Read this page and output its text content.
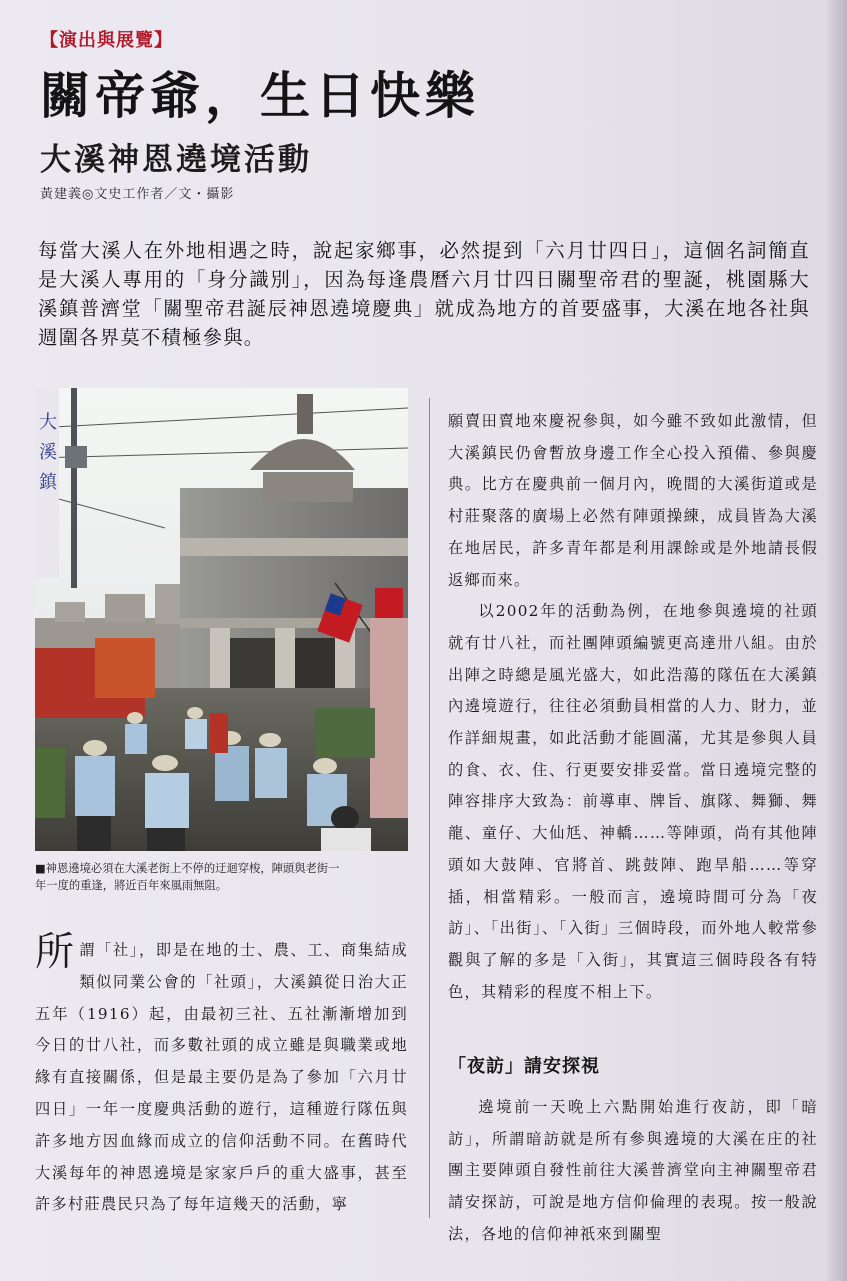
【演出與展覽】
關帝爺，生日快樂
大溪神恩遶境活動
黃建義◎文史工作者／文・攝影

每當大溪人在外地相遇之時，說起家鄉事，必然提到「六月廿四日」，這個名詞簡直是大溪人專用的「身分識別」，因為每逢農曆六月廿四日關聖帝君的聖誕，桃園縣大溪鎮普濟堂「關聖帝君誕辰神恩遶境慶典」就成為地方的首要盛事，大溪在地各社與週圍各界莫不積極參與。

大
溪
鎮

■神恩遶境必須在大溪老街上不停的迂迴穿梭，陣頭與老街一

年一度的重逢，將近百年來風雨無阻。

所謂「社」，即是在地的士、農、工、商集結成類似同業公會的「社頭」，大溪鎮從日治大正五年（1916）起，由最初三社、五社漸漸增加到今日的廿八社，而多數社頭的成立雖是與職業或地緣有直接關係，但是最主要仍是為了參加「六月廿四日」一年一度慶典活動的遊行，這種遊行隊伍與許多地方因血緣而成立的信仰活動不同。在舊時代大溪每年的神恩遶境是家家戶戶的重大盛事，甚至許多村莊農民只為了每年這幾天的活動，寧

願賣田賣地來慶祝參與，如今雖不致如此激情，但大溪鎮民仍會暫放身邊工作全心投入預備、參與慶典。比方在慶典前一個月內，晚間的大溪街道或是村莊聚落的廣場上必然有陣頭操練，成員皆為大溪在地居民，許多青年都是利用課餘或是外地請長假返鄉而來。

以2002年的活動為例，在地參與遶境的社頭就有廿八社，而社團陣頭編號更高達卅八組。由於出陣之時總是風光盛大，如此浩蕩的隊伍在大溪鎮內遶境遊行，往往必須動員相當的人力、財力，並作詳細規畫，如此活動才能圓滿，尤其是參與人員的食、衣、住、行更要安排妥當。當日遶境完整的陣容排序大致為：前導車、牌旨、旗隊、舞獅、舞龍、童仔、大仙尪、神轎……等陣頭，尚有其他陣頭如大鼓陣、官將首、跳鼓陣、跑旱船……等穿插，相當精彩。一般而言，遶境時間可分為「夜訪」、「出街」、「入街」三個時段，而外地人較常參觀與了解的多是「入街」，其實這三個時段各有特色，其精彩的程度不相上下。

「夜訪」請安探視

遶境前一天晚上六點開始進行夜訪，即「暗訪」，所謂暗訪就是所有參與遶境的大溪在庄的社團主要陣頭自發性前往大溪普濟堂向主神關聖帝君請安探訪，可說是地方信仰倫理的表現。按一般說法，各地的信仰神祇來到關聖
